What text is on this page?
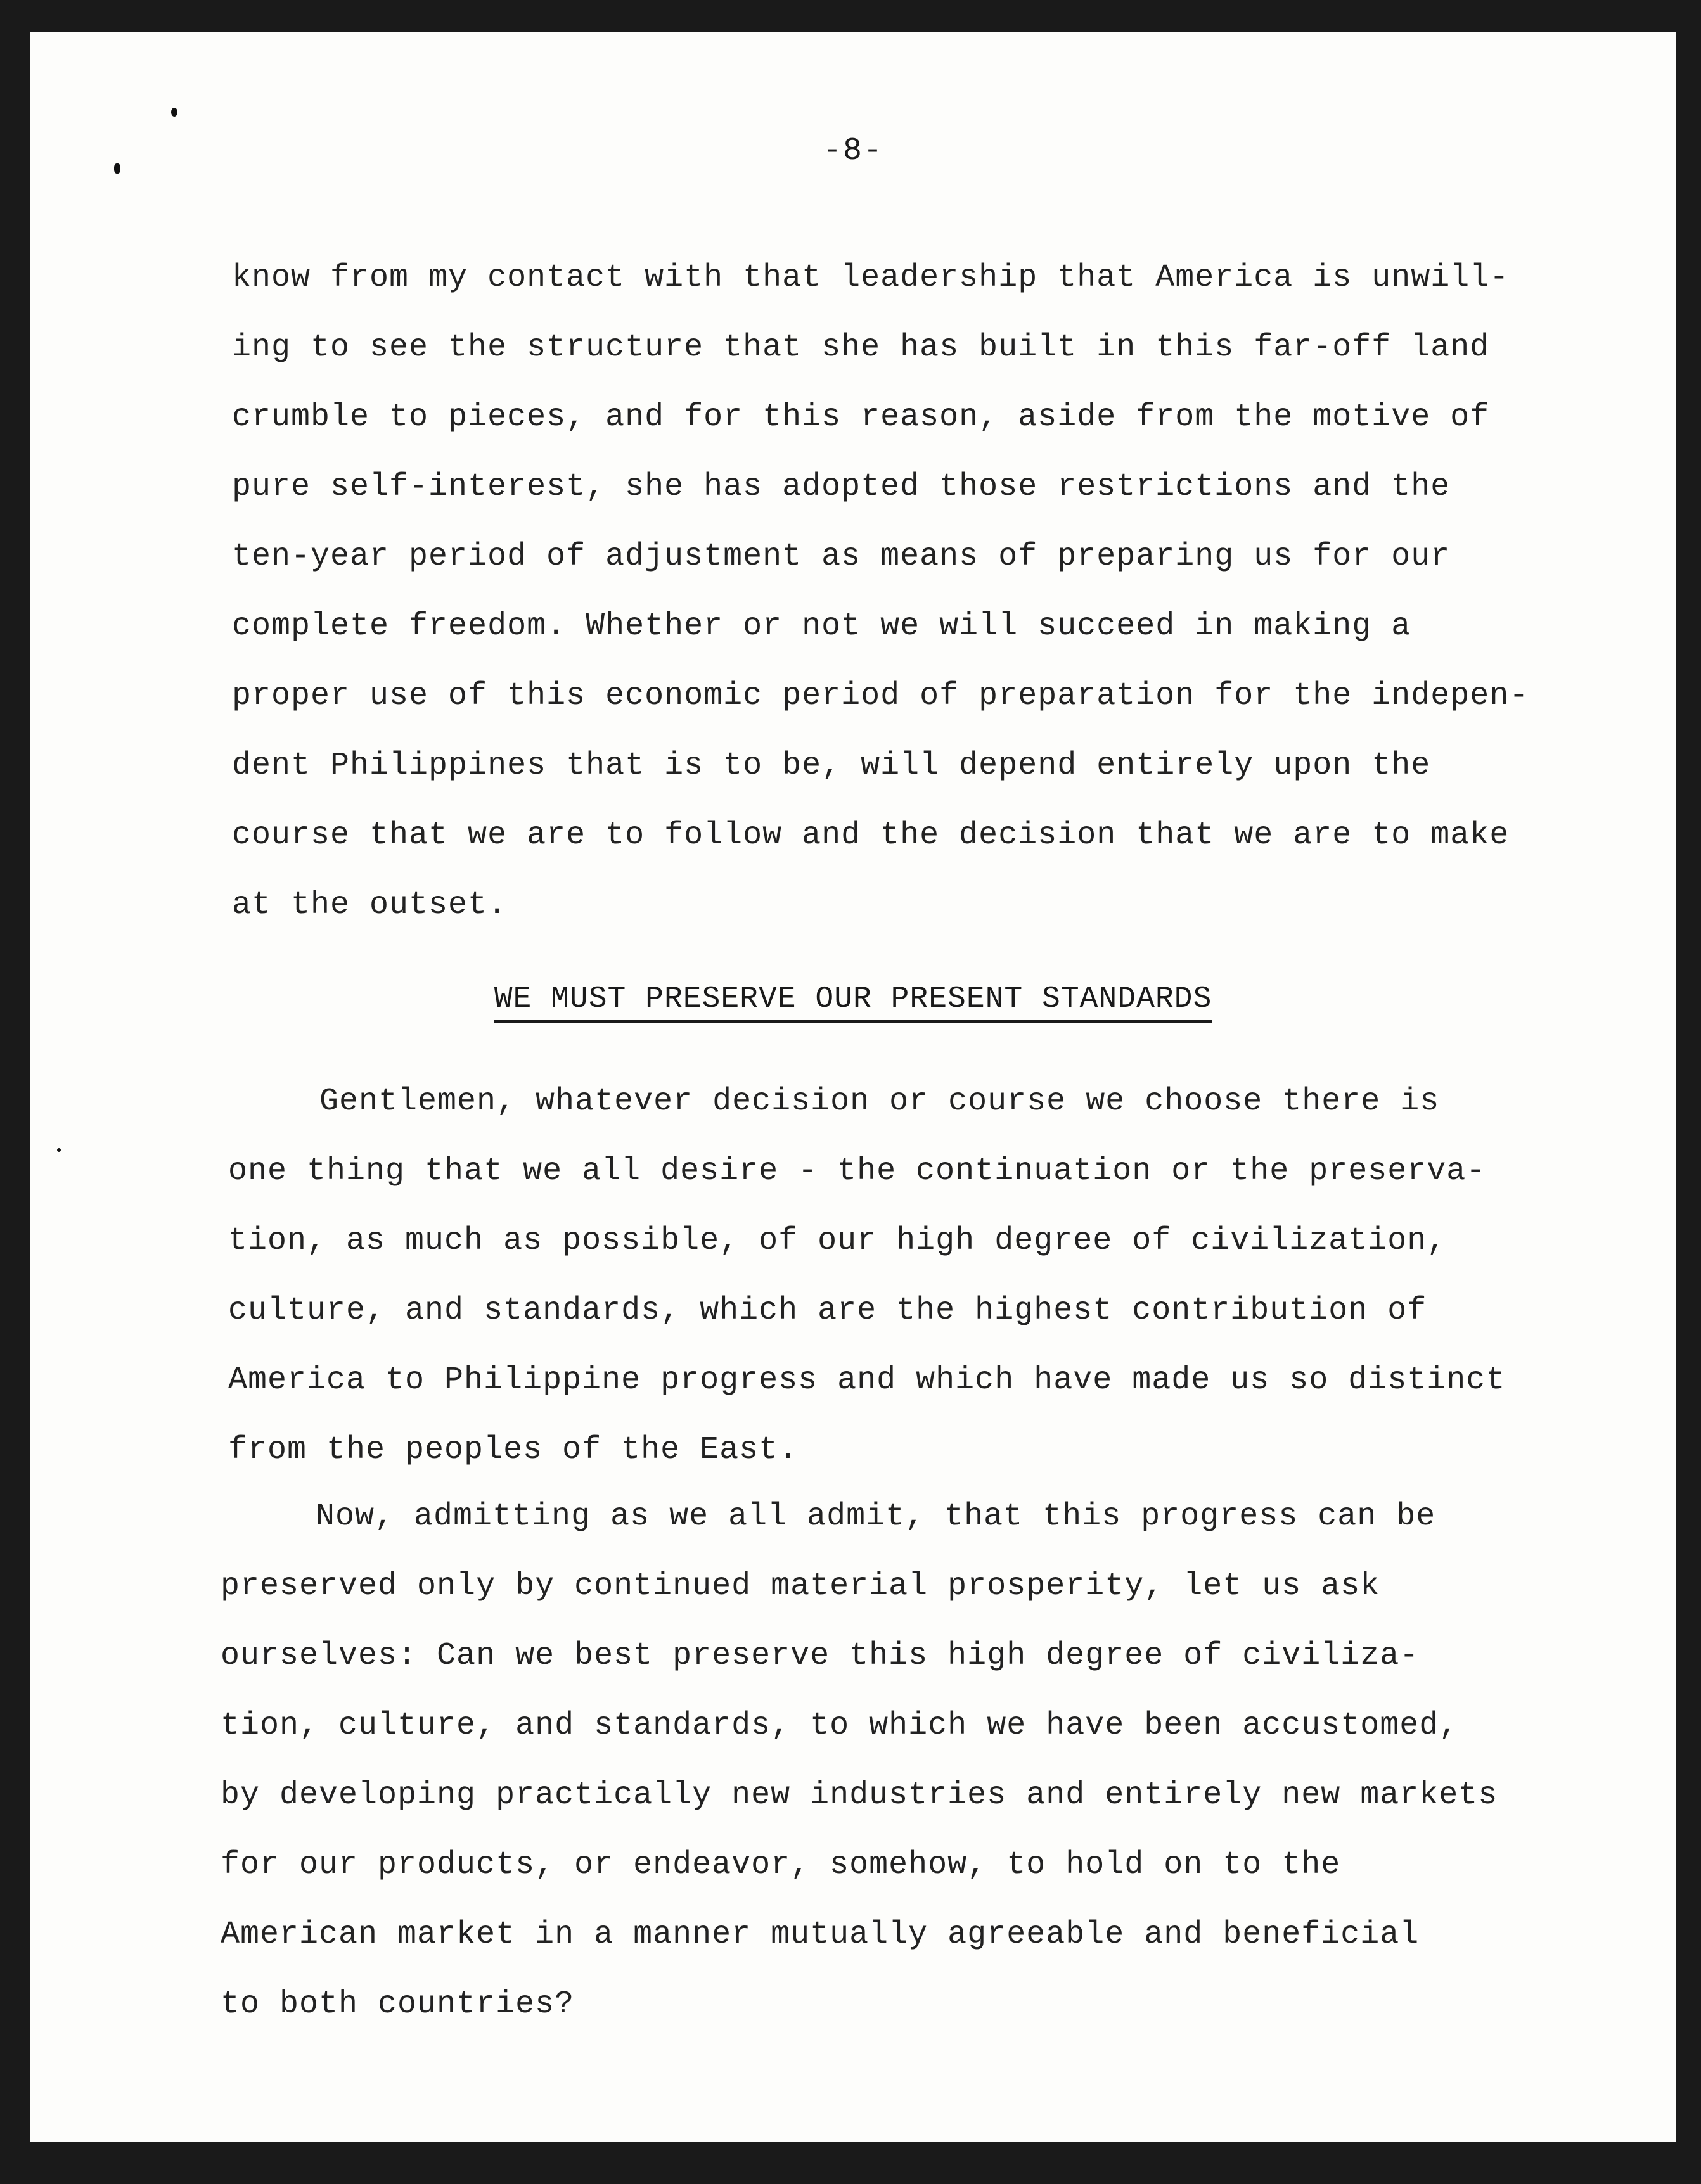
-8-
know from my contact with that leadership that America is unwill-
ing to see the structure that she has built in this far-off land
crumble to pieces, and for this reason, aside from the motive of
pure self-interest, she has adopted those restrictions and the
ten-year period of adjustment as means of preparing us for our
complete freedom. Whether or not we will succeed in making a
proper use of this economic period of preparation for the indepen-
dent Philippines that is to be, will depend entirely upon the
course that we are to follow and the decision that we are to make
at the outset.
WE MUST PRESERVE OUR PRESENT STANDARDS
Gentlemen, whatever decision or course we choose there is
one thing that we all desire - the continuation or the preserva-
tion, as much as possible, of our high degree of civilization,
culture, and standards, which are the highest contribution of
America to Philippine progress and which have made us so distinct
from the peoples of the East.
Now, admitting as we all admit, that this progress can be
preserved only by continued material prosperity, let us ask
ourselves: Can we best preserve this high degree of civiliza-
tion, culture, and standards, to which we have been accustomed,
by developing practically new industries and entirely new markets
for our products, or endeavor, somehow, to hold on to the
American market in a manner mutually agreeable and beneficial
to both countries?
